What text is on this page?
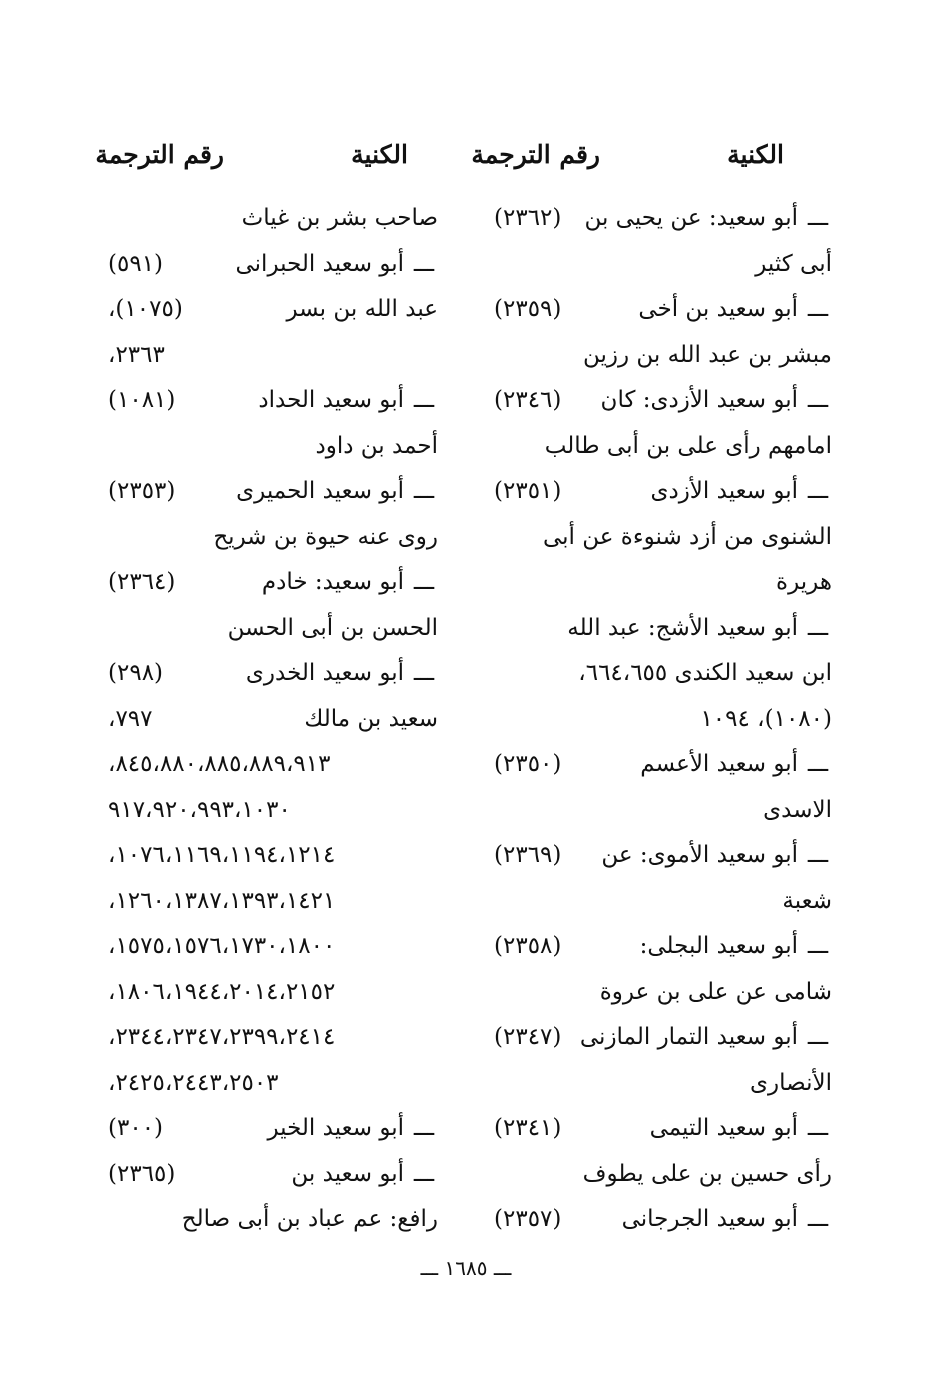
الكنية
رقم الترجمة
الكنية
رقم الترجمة
ـــ
أبو سعيد: عن يحيى بن
(٢٣٦٢)
أبى كثير
ـــ
أبو سعيد بن أخى
(٢٣٥٩)
مبشر بن عبد الله بن رزين
ـــ
أبو سعيد الأزدى: كان
(٢٣٤٦)
امامهم رأى على بن أبى طالب
ـــ
أبو سعيد الأزدى
(٢٣٥١)
الشنوى من أزد شنوءة عن أبى
هريرة
ـــ
أبو سعيد الأشج: عبد الله
ابن سعيد الكندى ٦٦٤،٦٥٥،
(١٠٨٠)، ١٠٩٤
ـــ
أبو سعيد الأعسم
(٢٣٥٠)
الاسدى
ـــ
أبو سعيد الأموى: عن
(٢٣٦٩)
شعبة
ـــ
أبو سعيد البجلى:
(٢٣٥٨)
شامى عن على بن عروة
ـــ
أبو سعيد التمار المازنى
(٢٣٤٧)
الأنصارى
ـــ
أبو سعيد التيمى
(٢٣٤١)
رأى حسين بن على يطوف
ـــ
أبو سعيد الجرجانى
(٢٣٥٧)
صاحب بشر بن غياث
ـــ
أبو سعيد الحبرانى
(٥٩١)
عبد الله بن بسر
(١٠٧٥)،
٢٣٦٣،
ـــ
أبو سعيد الحداد
(١٠٨١)
أحمد بن داود
ـــ
أبو سعيد الحميرى
(٢٣٥٣)
روى عنه حيوة بن شريح
ـــ
أبو سعيد: خادم
(٢٣٦٤)
الحسن بن أبى الحسن
ـــ
أبو سعيد الخدرى
(٢٩٨)
سعيد بن مالك
٧٩٧،
٨٤٥،٨٨٠،٨٨٥،٨٨٩،٩١٣،
٩١٧،٩٢٠،٩٩٣،١٠٣٠
١٠٧٦،١١٦٩،١١٩٤،١٢١٤،
١٢٦٠،١٣٨٧،١٣٩٣،١٤٢١،
١٥٧٥،١٥٧٦،١٧٣٠،١٨٠٠،
١٨٠٦،١٩٤٤،٢٠١٤،٢١٥٢،
٢٣٤٤،٢٣٤٧،٢٣٩٩،٢٤١٤،
٢٤٢٥،٢٤٤٣،٢٥٠٣،
ـــ
أبو سعيد الخير
(٣٠٠)
ـــ
أبو سعيد بن
(٢٣٦٥)
رافع: عم عباد بن أبى صالح
ـــ ١٦٨٥ ـــ
